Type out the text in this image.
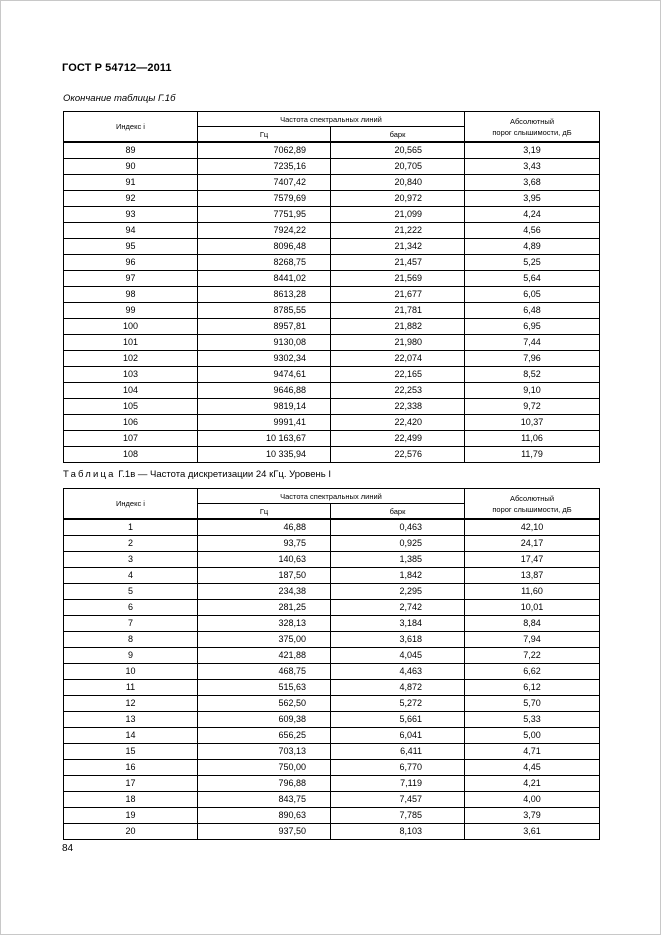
ГОСТ Р 54712—2011
Окончание таблицы Г.1б
Индекс i	Частота спектральных линий		Абсолютный
порог слышимости, дБ
	Гц	барк	
89	7062,89	20,565	3,19
90	7235,16	20,705	3,43
91	7407,42	20,840	3,68
92	7579,69	20,972	3,95
93	7751,95	21,099	4,24
94	7924,22	21,222	4,56
95	8096,48	21,342	4,89
96	8268,75	21,457	5,25
97	8441,02	21,569	5,64
98	8613,28	21,677	6,05
99	8785,55	21,781	6,48
100	8957,81	21,882	6,95
101	9130,08	21,980	7,44
102	9302,34	22,074	7,96
103	9474,61	22,165	8,52
104	9646,88	22,253	9,10
105	9819,14	22,338	9,72
106	9991,41	22,420	10,37
107	10 163,67	22,499	11,06
108	10 335,94	22,576	11,79
Таблица Г.1в — Частота дискретизации 24 кГц. Уровень I
Индекс i	Частота спектральных линий		Абсолютный
порог слышимости, дБ
	Гц	барк	
1	46,88	0,463	42,10
2	93,75	0,925	24,17
3	140,63	1,385	17,47
4	187,50	1,842	13,87
5	234,38	2,295	11,60
6	281,25	2,742	10,01
7	328,13	3,184	8,84
8	375,00	3,618	7,94
9	421,88	4,045	7,22
10	468,75	4,463	6,62
11	515,63	4,872	6,12
12	562,50	5,272	5,70
13	609,38	5,661	5,33
14	656,25	6,041	5,00
15	703,13	6,411	4,71
16	750,00	6,770	4,45
17	796,88	7,119	4,21
18	843,75	7,457	4,00
19	890,63	7,785	3,79
20	937,50	8,103	3,61
84
